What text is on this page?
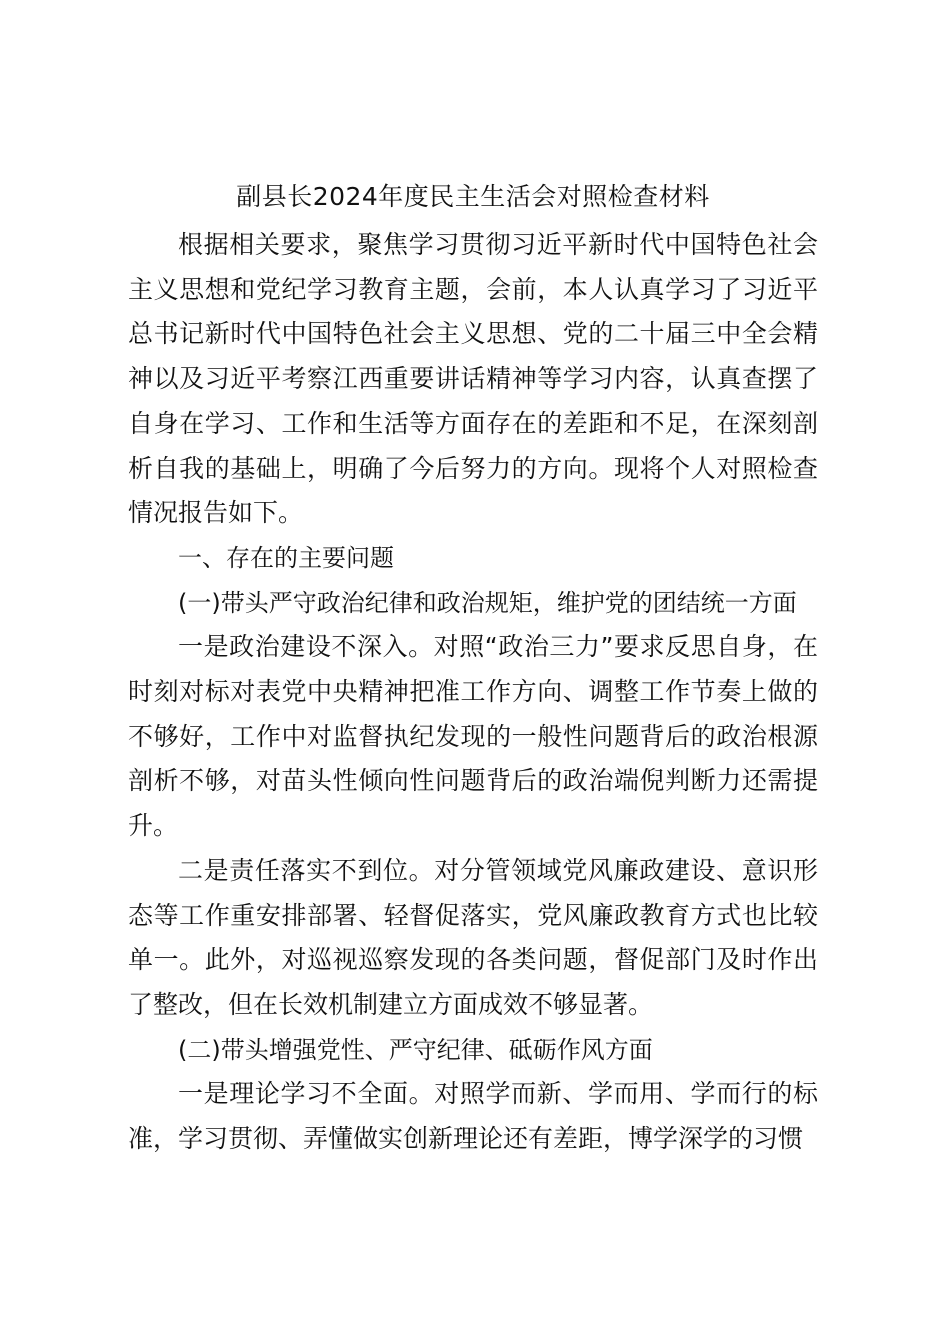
副县长2024年度民主生活会对照检查材料

根据相关要求，聚焦学习贯彻习近平新时代中国特色社会主义思想和党纪学习教育主题，会前，本人认真学习了习近平总书记新时代中国特色社会主义思想、党的二十届三中全会精神以及习近平考察江西重要讲话精神等学习内容，认真查摆了自身在学习、工作和生活等方面存在的差距和不足，在深刻剖析自我的基础上，明确了今后努力的方向。现将个人对照检查情况报告如下。

一、存在的主要问题

(一)带头严守政治纪律和政治规矩，维护党的团结统一方面

一是政治建设不深入。对照“政治三力”要求反思自身，在时刻对标对表党中央精神把准工作方向、调整工作节奏上做的不够好，工作中对监督执纪发现的一般性问题背后的政治根源剖析不够，对苗头性倾向性问题背后的政治端倪判断力还需提升。

二是责任落实不到位。对分管领域党风廉政建设、意识形态等工作重安排部署、轻督促落实，党风廉政教育方式也比较单一。此外，对巡视巡察发现的各类问题，督促部门及时作出了整改，但在长效机制建立方面成效不够显著。

(二)带头增强党性、严守纪律、砥砺作风方面

一是理论学习不全面。对照学而新、学而用、学而行的标准，学习贯彻、弄懂做实创新理论还有差距，博学深学的习惯
